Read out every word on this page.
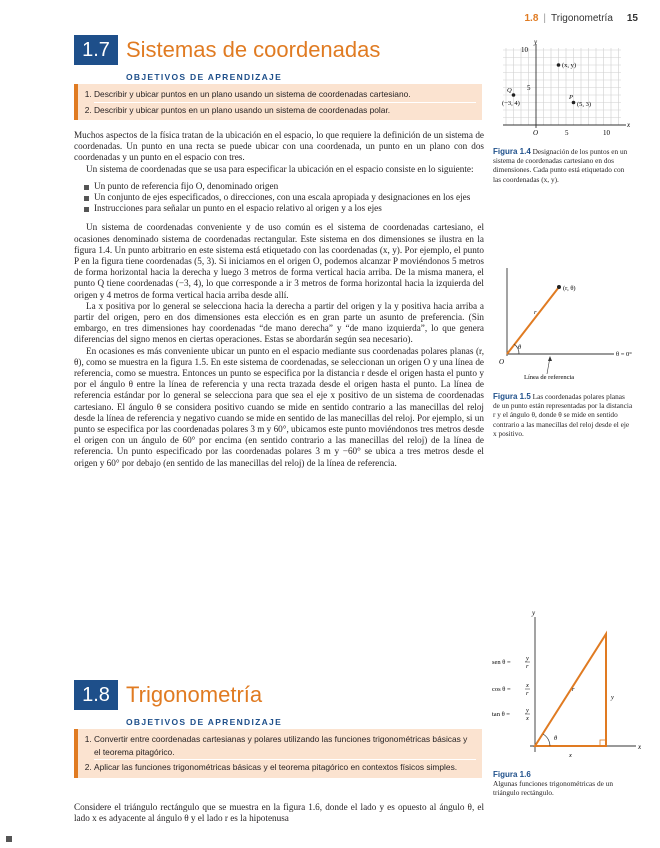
1.8 | Trigonometría 15
1.7 Sistemas de coordenadas
OBJETIVOS DE APRENDIZAJE
1. Describir y ubicar puntos en un plano usando un sistema de coordenadas cartesiano.
2. Describir y ubicar puntos en un plano usando un sistema de coordenadas polar.

Muchos aspectos de la física tratan de la ubicación en el espacio, lo que requiere la definición de un sistema de coordenadas. Un punto en una recta se puede ubicar con una coordenada, un punto en un plano con dos coordenadas y un punto en el espacio con tres.

Un sistema de coordenadas que se usa para especificar la ubicación en el espacio consiste en lo siguiente:

Un punto de referencia fijo O, denominado origen
Un conjunto de ejes especificados, o direcciones, con una escala apropiada y designaciones en los ejes
Instrucciones para señalar un punto en el espacio relativo al origen y a los ejes

Un sistema de coordenadas conveniente y de uso común es el sistema de coordenadas cartesiano, el ocasiones denominado sistema de coordenadas rectangular. Este sistema en dos dimensiones se ilustra en la figura 1.4. Un punto arbitrario en este sistema está etiquetado con las coordenadas (x, y). Por ejemplo, el punto P en la figura tiene coordenadas (5, 3). Si iniciamos en el origen O, podemos alcanzar P moviéndonos 5 metros de forma horizontal hacia la derecha y luego 3 metros de forma vertical hacia arriba. De la misma manera, el punto Q tiene coordenadas (−3, 4), lo que corresponde a ir 3 metros de forma horizontal hacia la izquierda del origen y 4 metros de forma vertical hacia arriba desde allí.

La x positiva por lo general se selecciona hacia la derecha a partir del origen y la y positiva hacia arriba a partir del origen, pero en dos dimensiones esta elección es en gran parte un asunto de preferencia. (Sin embargo, en tres dimensiones hay coordenadas “de mano derecha” y “de mano izquierda”, lo que genera diferencias del signo menos en ciertas operaciones. Estas se abordarán según sea necesario).

En ocasiones es más conveniente ubicar un punto en el espacio mediante sus coordenadas polares planas (r, θ), como se muestra en la figura 1.5. En este sistema de coordenadas, se seleccionan un origen O y una línea de referencia, como se muestra. Entonces un punto se especifica por la distancia r desde el origen hasta el punto y por el ángulo θ entre la línea de referencia y una recta trazada desde el origen hasta el punto. La línea de referencia estándar por lo general se selecciona para que sea el eje x positivo de un sistema de coordenadas cartesiano. El ángulo θ se considera positivo cuando se mide en sentido contrario a las manecillas del reloj desde la línea de referencia y negativo cuando se mide en sentido de las manecillas del reloj. Por ejemplo, si un punto se especifica por las coordenadas polares 3 m y 60°, ubicamos este punto moviéndonos tres metros desde el origen con un ángulo de 60° por encima (en sentido contrario a las manecillas del reloj) de la línea de referencia. Un punto especificado por las coordenadas polares 3 m y −60° se ubica a tres metros desde el origen y 60° por debajo (en sentido de las manecillas del reloj) de la línea de referencia.

1.8 Trigonometría
OBJETIVOS DE APRENDIZAJE
1. Convertir entre coordenadas cartesianas y polares utilizando las funciones trigonométricas básicas y el teorema pitagórico.
2. Aplicar las funciones trigonométricas básicas y el teorema pitagórico en contextos físicos simples.

Considere el triángulo rectángulo que se muestra en la figura 1.6, donde el lado y es opuesto al ángulo θ, el lado x es adyacente al ángulo θ y el lado r es la hipotenusa

x
y
O	5	10
5
10
(x, y)
Q
(−3, 4)
P
(5, 3)
Figura 1.4 Designación de los puntos en un sistema de coordenadas cartesiano en dos dimensiones. Cada punto está etiquetado con las coordenadas (x, y).
(r, θ)
r
θ
O
θ = 0°
Línea de referencia
Figura 1.5 Las coordenadas polares planas de un punto están representadas por la distancia r y el ángulo θ, donde θ se mide en sentido contrario a las manecillas del reloj desde el eje x positivo.
x
y
θ
r
y
x
sen θ =
y
r
cos θ =
x
r
tan θ =
y
x
Figura 1.6
Algunas funciones trigonométricas de un triángulo rectángulo.
